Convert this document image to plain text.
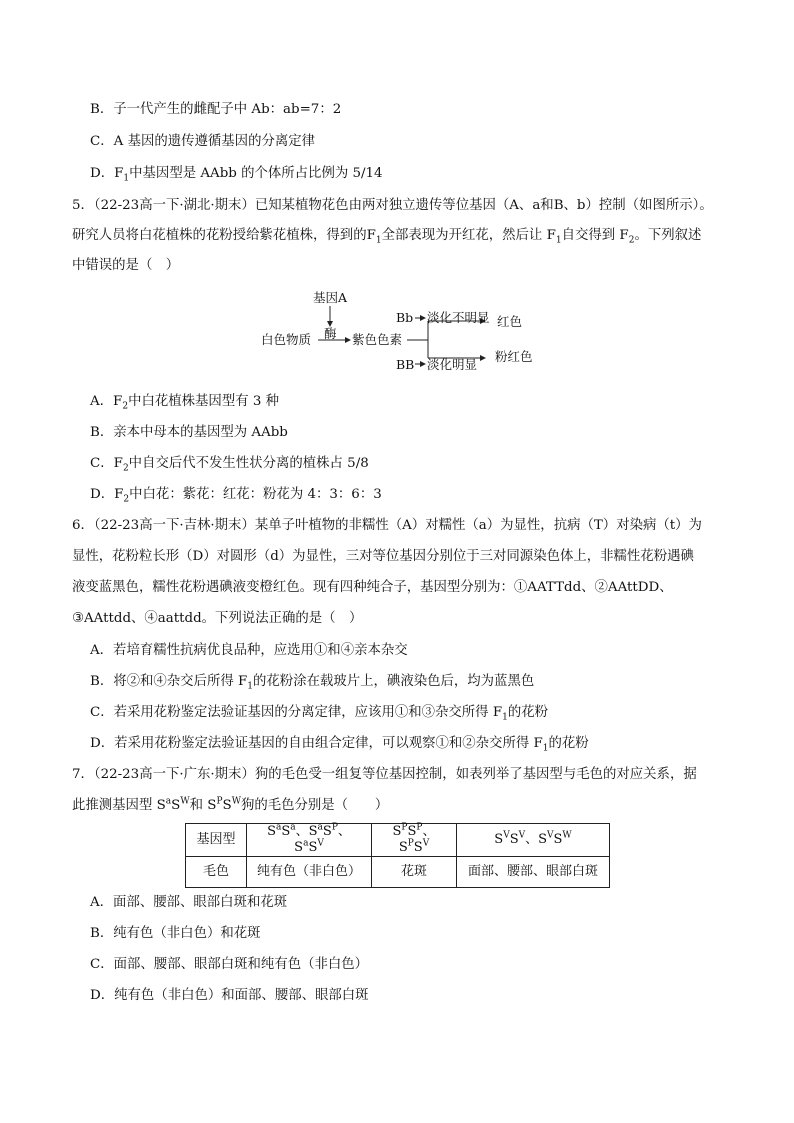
B．子一代产生的雌配子中 Ab：ab=7：2
C．A 基因的遗传遵循基因的分离定律
D．$F_1$中基因型是 AAbb 的个体所占比例为 5/14
5．（22-23高一下·湖北·期末）已知某植物花色由两对独立遗传等位基因（A、a和B、b）控制（如图所示）。
研究人员将白花植株的花粉授给紫花植株，得到的$F_1$全部表现为开红花，然后让 $F_1$自交得到 $F_2$。下列叙述
中错误的是（　）
基因A
酶
白色物质	紫色色素
Bb 淡化不明显 红色
BB 淡化明显
粉红色
A．$F_2$中白花植株基因型有 3 种
B．亲本中母本的基因型为 AAbb
C．$F_2$中自交后代不发生性状分离的植株占 5/8
D．$F_2$中白花：紫花：红花：粉花为 4：3：6：3
6．（22-23高一下·吉林·期末）某单子叶植物的非糯性（A）对糯性（a）为显性，抗病（T）对染病（t）为
显性，花粉粒长形（D）对圆形（d）为显性，三对等位基因分别位于三对同源染色体上，非糯性花粉遇碘
液变蓝黑色，糯性花粉遇碘液变橙红色。现有四种纯合子，基因型分别为：①AATTdd、②AAttDD、
③AAttdd、④aattdd。下列说法正确的是（　）
A．若培育糯性抗病优良品种，应选用①和④亲本杂交
B．将②和④杂交后所得 $F_1$的花粉涂在载玻片上，碘液染色后，均为蓝黑色
C．若采用花粉鉴定法验证基因的分离定律，应该用①和③杂交所得 $F_1$的花粉
D．若采用花粉鉴定法验证基因的自由组合定律，可以观察①和②杂交所得 $F_1$的花粉
7．（22-23高一下·广东·期末）狗的毛色受一组复等位基因控制，如表列举了基因型与毛色的对应关系，据
此推测基因型 $S^aS^W$和 $S^PS^W$狗的毛色分别是（　　）
基因型	$S^aS^a$、$S^aS^P$、$S^aS^V$	$S^PS^P$、$S^PS^V$	$S^VS^V$、$S^VS^W$
毛色	纯有色（非白色）	花斑	面部、腰部、眼部白斑
A．面部、腰部、眼部白斑和花斑
B．纯有色（非白色）和花斑
C．面部、腰部、眼部白斑和纯有色（非白色）
D．纯有色（非白色）和面部、腰部、眼部白斑
